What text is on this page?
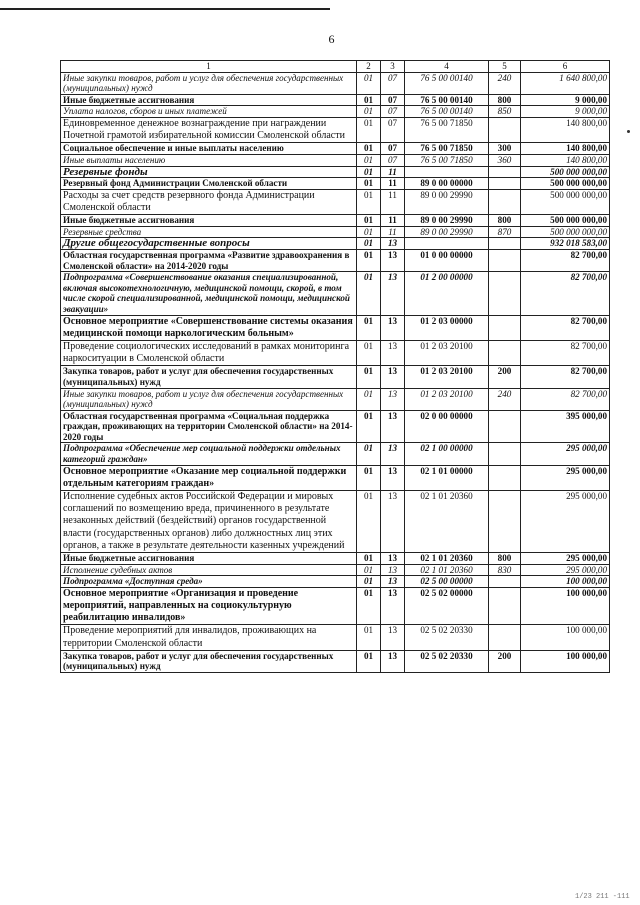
6
1	2	3	4	5	6
Иные закупки товаров, работ и услуг для обеспечения государственных (муниципальных) нужд	01	07	76 5 00 00140	240	1 640 800,00
Иные бюджетные ассигнования	01	07	76 5 00 00140	800	9 000,00
Уплата налогов, сборов и иных платежей	01	07	76 5 00 00140	850	9 000,00
Единовременное денежное вознаграждение при награждении Почетной грамотой избирательной комиссии Смоленской области	01	07	76 5 00 71850		140 800,00
Социальное обеспечение и иные выплаты населению	01	07	76 5 00 71850	300	140 800,00
Иные выплаты населению	01	07	76 5 00 71850	360	140 800,00
Резервные фонды	01	11			500 000 000,00
Резервный фонд Администрации Смоленской области	01	11	89 0 00 00000		500 000 000,00
Расходы за счет средств резервного фонда Администрации Смоленской области	01	11	89 0 00 29990		500 000 000,00
Иные бюджетные ассигнования	01	11	89 0 00 29990	800	500 000 000,00
Резервные средства	01	11	89 0 00 29990	870	500 000 000,00
Другие общегосударственные вопросы	01	13			932 018 583,00
Областная государственная программа «Развитие здравоохранения в Смоленской области» на 2014-2020 годы	01	13	01 0 00 00000		82 700,00
Подпрограмма «Совершенствование оказания специализированной, включая высокотехнологичную, медицинской помощи, скорой, в том числе скорой специализированной, медицинской помощи, медицинской эвакуации»	01	13	01 2 00 00000		82 700,00
Основное мероприятие «Совершенствование системы оказания медицинской помощи наркологическим больным»	01	13	01 2 03 00000		82 700,00
Проведение социологических исследований в рамках мониторинга наркоситуации в Смоленской области	01	13	01 2 03 20100		82 700,00
Закупка товаров, работ и услуг для обеспечения государственных (муниципальных) нужд	01	13	01 2 03 20100	200	82 700,00
Иные закупки товаров, работ и услуг для обеспечения государственных (муниципальных) нужд	01	13	01 2 03 20100	240	82 700,00
Областная государственная программа «Социальная поддержка граждан, проживающих на территории Смоленской области» на 2014-2020 годы	01	13	02 0 00 00000		395 000,00
Подпрограмма «Обеспечение мер социальной поддержки отдельных категорий граждан»	01	13	02 1 00 00000		295 000,00
Основное мероприятие «Оказание мер социальной поддержки отдельным категориям граждан»	01	13	02 1 01 00000		295 000,00
Исполнение судебных актов Российской Федерации и мировых соглашений по возмещению вреда, причиненного в результате незаконных действий (бездействий) органов государственной власти (государственных органов) либо должностных лиц этих органов, а также в результате деятельности казенных учреждений	01	13	02 1 01 20360		295 000,00
Иные бюджетные ассигнования	01	13	02 1 01 20360	800	295 000,00
Исполнение судебных актов	01	13	02 1 01 20360	830	295 000,00
Подпрограмма «Доступная среда»	01	13	02 5 00 00000		100 000,00
Основное мероприятие «Организация и проведение мероприятий, направленных на социокультурную реабилитацию инвалидов»	01	13	02 5 02 00000		100 000,00
Проведение мероприятий для инвалидов, проживающих на территории Смоленской области	01	13	02 5 02 20330		100 000,00
Закупка товаров, работ и услуг для обеспечения государственных (муниципальных) нужд	01	13	02 5 02 20330	200	100 000,00
1/23 211 -111
